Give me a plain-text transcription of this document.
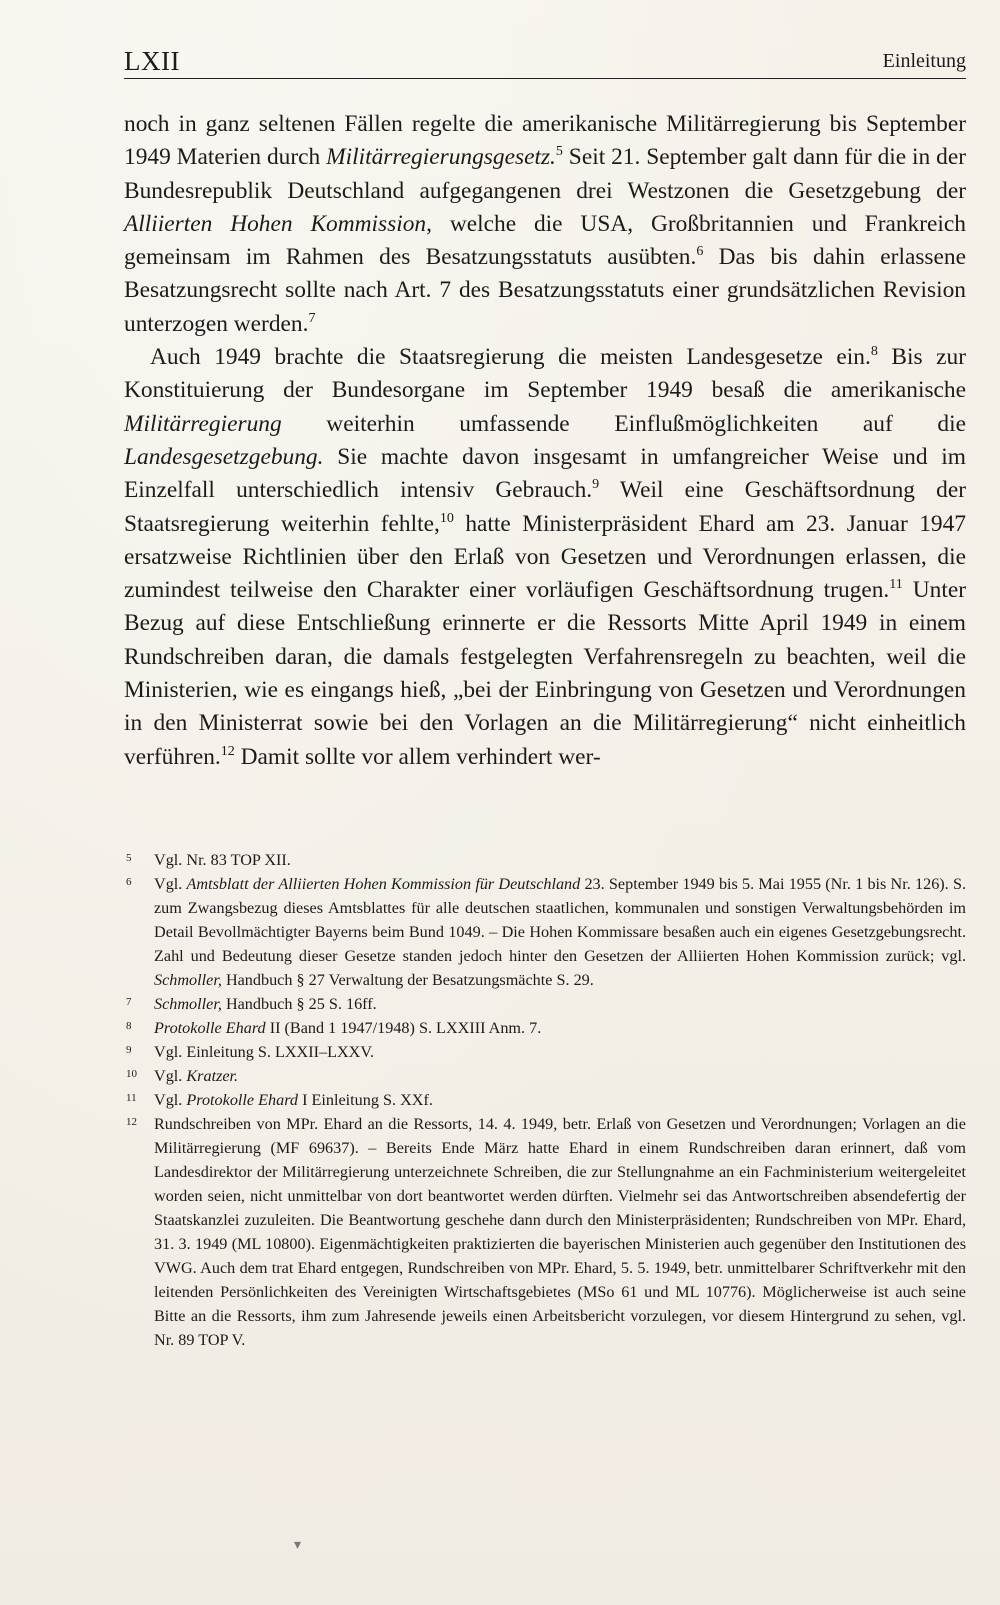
LXII	Einleitung

noch in ganz seltenen Fällen regelte die amerikanische Militärregierung bis September 1949 Materien durch Militärregierungsgesetz.$^5$ Seit 21. September galt dann für die in der Bundesrepublik Deutschland aufgegangenen drei Westzonen die Gesetzgebung der Alliierten Hohen Kommission, welche die USA, Großbritannien und Frankreich gemeinsam im Rahmen des Besatzungsstatuts ausübten.$^6$ Das bis dahin erlassene Besatzungsrecht sollte nach Art. 7 des Besatzungsstatuts einer grundsätzlichen Revision unterzogen werden.$^7$

Auch 1949 brachte die Staatsregierung die meisten Landesgesetze ein.$^8$ Bis zur Konstituierung der Bundesorgane im September 1949 besaß die amerikanische Militärregierung weiterhin umfassende Einflußmöglichkeiten auf die Landesgesetzgebung. Sie machte davon insgesamt in umfangreicher Weise und im Einzelfall unterschiedlich intensiv Gebrauch.$^9$ Weil eine Geschäftsordnung der Staatsregierung weiterhin fehlte,$^{10}$ hatte Ministerpräsident Ehard am 23. Januar 1947 ersatzweise Richtlinien über den Erlaß von Gesetzen und Verordnungen erlassen, die zumindest teilweise den Charakter einer vorläufigen Geschäftsordnung trugen.$^{11}$ Unter Bezug auf diese Entschließung erinnerte er die Ressorts Mitte April 1949 in einem Rundschreiben daran, die damals festgelegten Verfahrensregeln zu beachten, weil die Ministerien, wie es eingangs hieß, „bei der Einbringung von Gesetzen und Verordnungen in den Ministerrat sowie bei den Vorlagen an die Militärregierung“ nicht einheitlich verführen.$^{12}$ Damit sollte vor allem verhindert wer-

5	Vgl. Nr. 83 TOP XII.
6	Vgl. Amtsblatt der Alliierten Hohen Kommission für Deutschland 23. September 1949 bis 5. Mai 1955 (Nr. 1 bis Nr. 126). S. zum Zwangsbezug dieses Amtsblattes für alle deutschen staatlichen, kommunalen und sonstigen Verwaltungsbehörden im Detail Bevollmächtigter Bayerns beim Bund 1049. – Die Hohen Kommissare besaßen auch ein eigenes Gesetzgebungsrecht. Zahl und Bedeutung dieser Gesetze standen jedoch hinter den Gesetzen der Alliierten Hohen Kommission zurück; vgl. Schmoller, Handbuch § 27 Verwaltung der Besatzungsmächte S. 29.
7	Schmoller, Handbuch § 25 S. 16ff.
8	Protokolle Ehard II (Band 1 1947/1948) S. LXXIII Anm. 7.
9	Vgl. Einleitung S. LXXII–LXXV.
10	Vgl. Kratzer.
11	Vgl. Protokolle Ehard I Einleitung S. XXf.
12	Rundschreiben von MPr. Ehard an die Ressorts, 14. 4. 1949, betr. Erlaß von Gesetzen und Verordnungen; Vorlagen an die Militärregierung (MF 69637). – Bereits Ende März hatte Ehard in einem Rundschreiben daran erinnert, daß vom Landesdirektor der Militärregierung unterzeichnete Schreiben, die zur Stellungnahme an ein Fachministerium weitergeleitet worden seien, nicht unmittelbar von dort beantwortet werden dürften. Vielmehr sei das Antwortschreiben absendefertig der Staatskanzlei zuzuleiten. Die Beantwortung geschehe dann durch den Ministerpräsidenten; Rundschreiben von MPr. Ehard, 31. 3. 1949 (ML 10800). Eigenmächtigkeiten praktizierten die bayerischen Ministerien auch gegenüber den Institutionen des VWG. Auch dem trat Ehard entgegen, Rundschreiben von MPr. Ehard, 5. 5. 1949, betr. unmittelbarer Schriftverkehr mit den leitenden Persönlichkeiten des Vereinigten Wirtschaftsgebietes (MSo 61 und ML 10776). Möglicherweise ist auch seine Bitte an die Ressorts, ihm zum Jahresende jeweils einen Arbeitsbericht vorzulegen, vor diesem Hintergrund zu sehen, vgl. Nr. 89 TOP V.
▾
